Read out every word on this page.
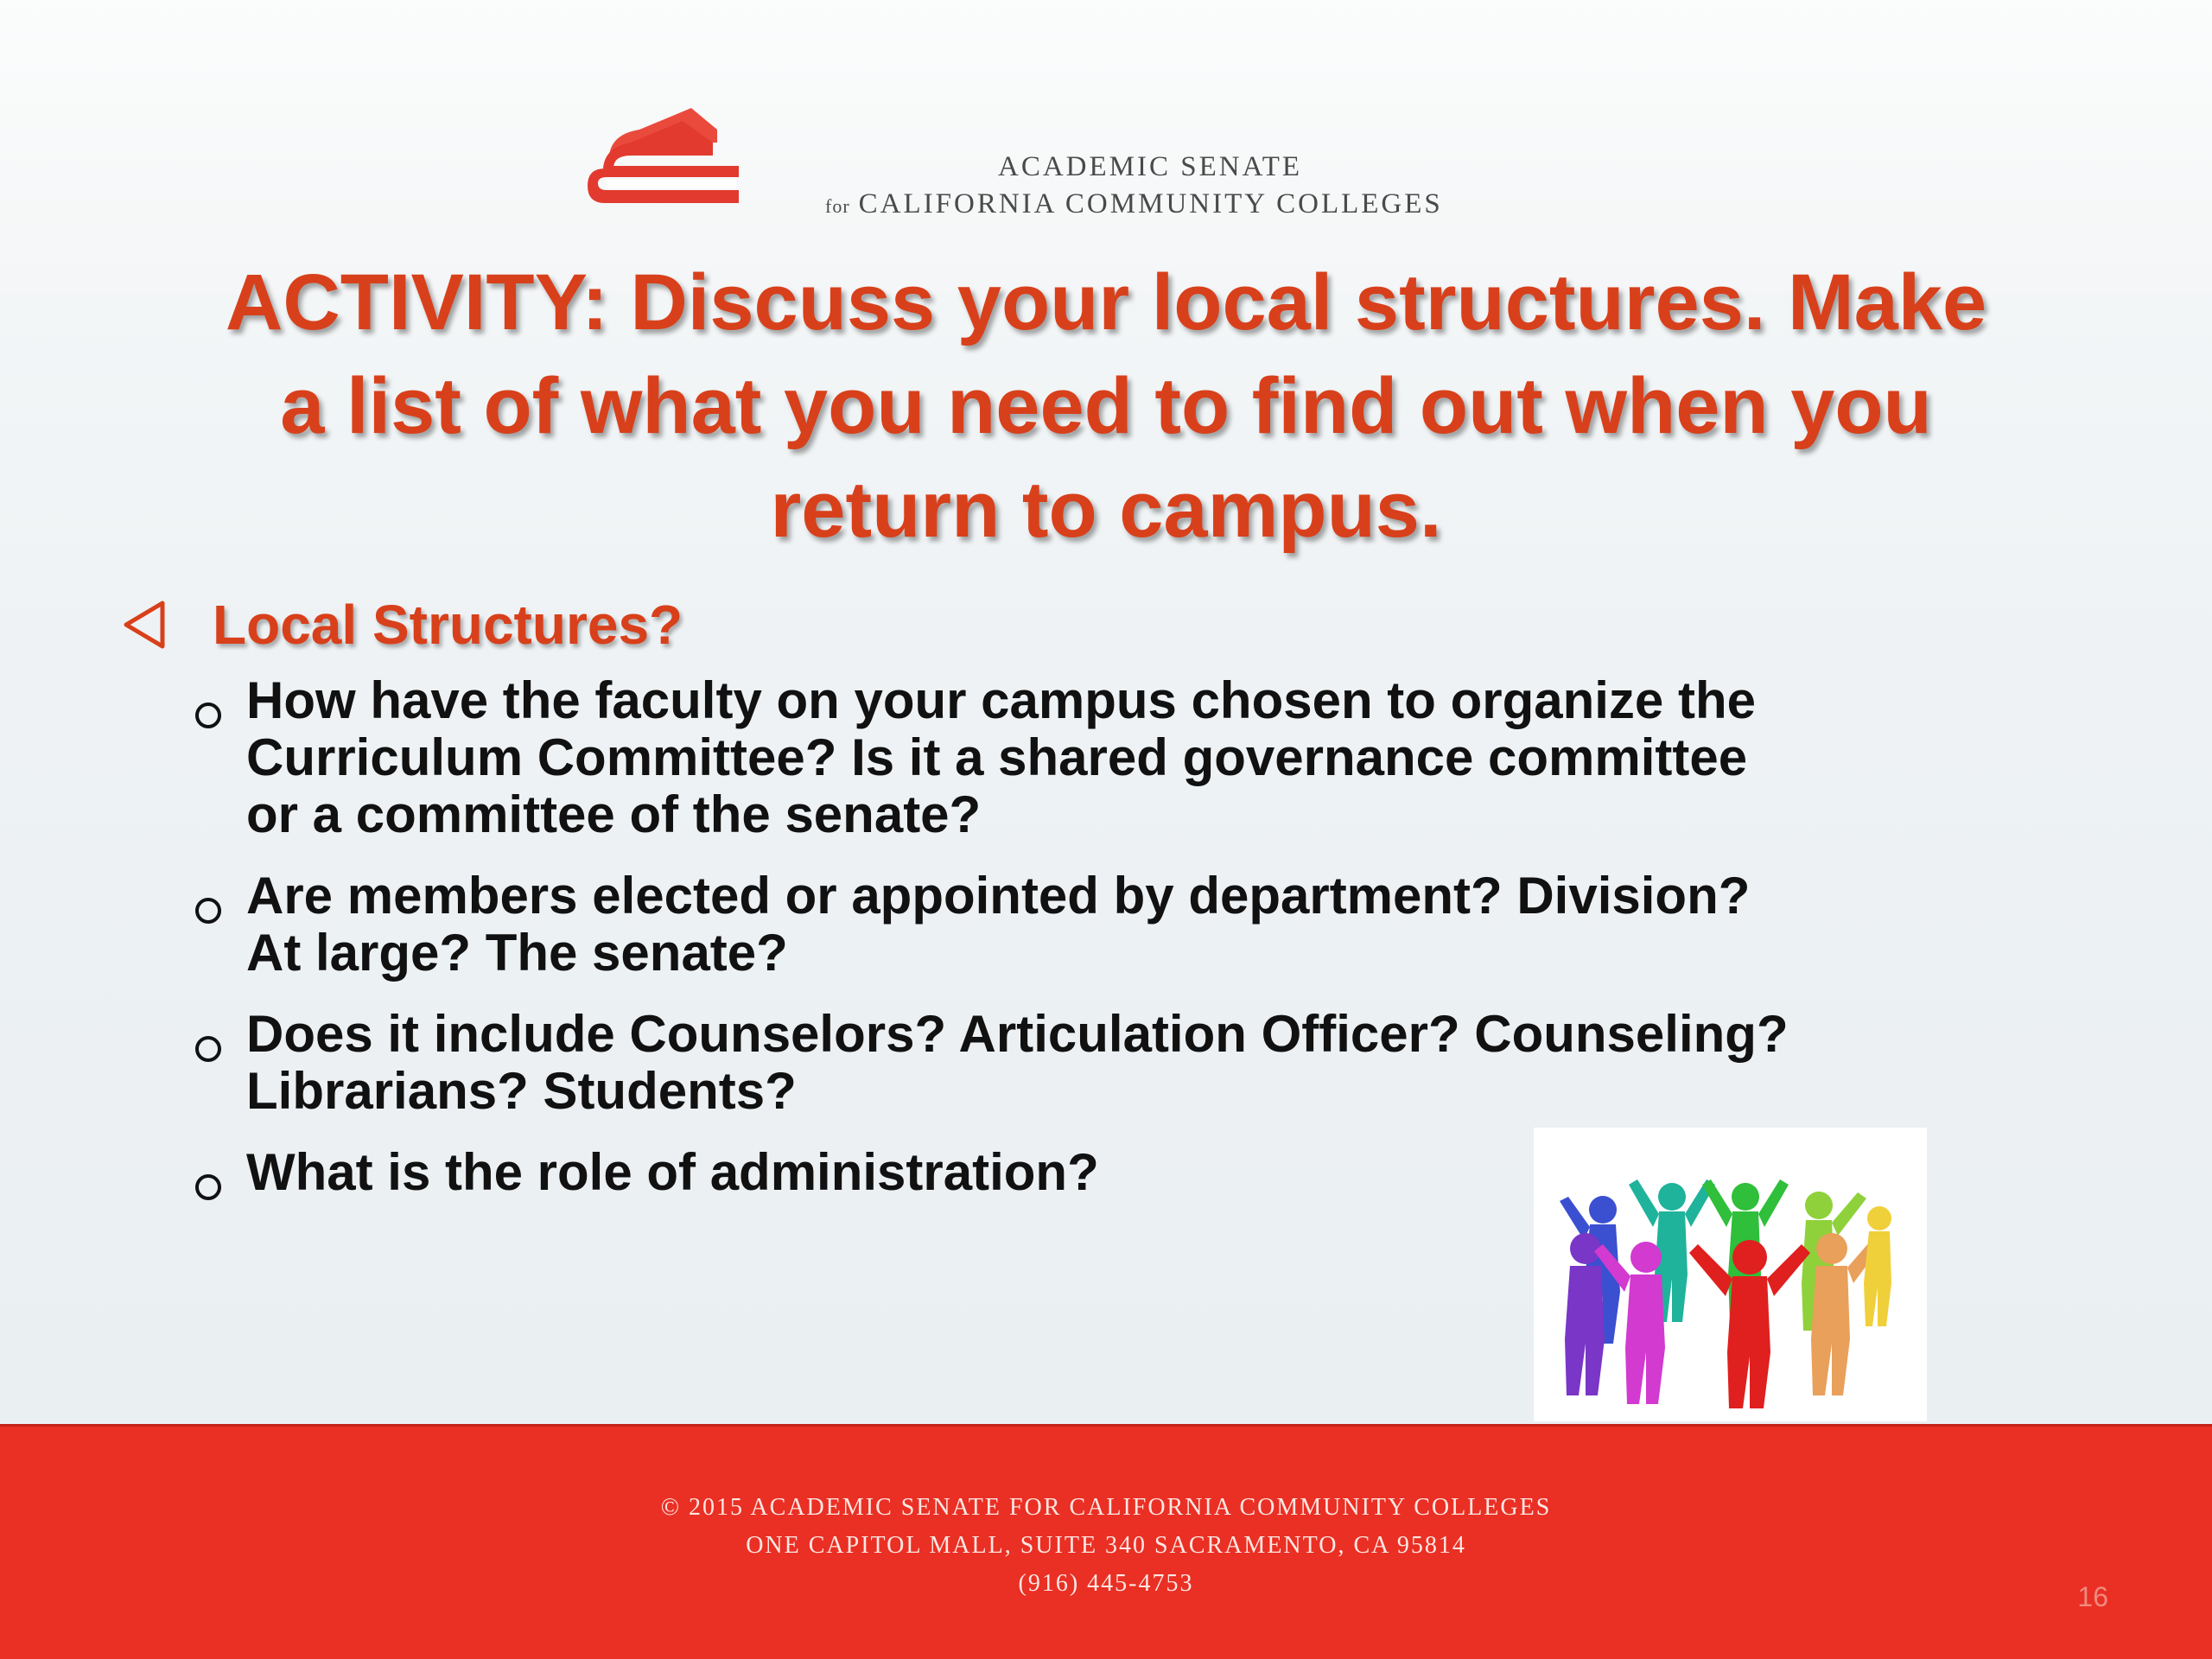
ACADEMIC SENATE
for CALIFORNIA COMMUNITY COLLEGES
ACTIVITY: Discuss your local structures. Make
a list of what you need to find out when you
return to campus.
Local Structures?
How have the faculty on your campus chosen to organize the
Curriculum Committee? Is it a shared governance committee
or a committee of the senate?
Are members elected or appointed by department? Division?
At large? The senate?
Does it include Counselors? Articulation Officer? Counseling?
Librarians? Students?
What is the role of administration?
© 2015 ACADEMIC SENATE FOR CALIFORNIA COMMUNITY COLLEGES
ONE CAPITOL MALL, SUITE 340 SACRAMENTO, CA 95814
(916) 445-4753	16
